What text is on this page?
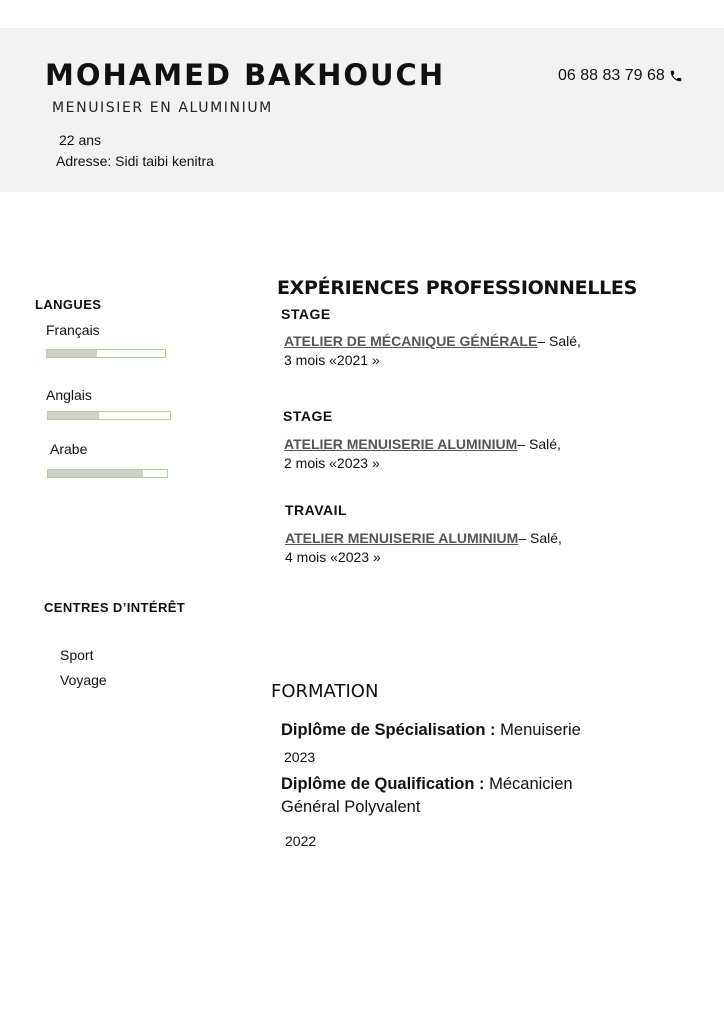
MOHAMED BAKHOUCH
MENUISIER EN ALUMINIUM
22 ans
Adresse: Sidi taibi kenitra
06 88 83 79 68
LANGUES
Français
Anglais
Arabe
CENTRES D’INTÉRÊT
Sport
Voyage
EXPÉRIENCES PROFESSIONNELLES
STAGE
ATELIER DE MÉCANIQUE GÉNÉRALE– Salé,
3 mois «2021 »
STAGE
ATELIER MENUISERIE ALUMINIUM– Salé,
2 mois «2023 »
TRAVAIL
ATELIER MENUISERIE ALUMINIUM– Salé,
4 mois «2023 »
FORMATION
Diplôme de Spécialisation : Menuiserie
2023
Diplôme de Qualification : Mécanicien Général Polyvalent
2022
